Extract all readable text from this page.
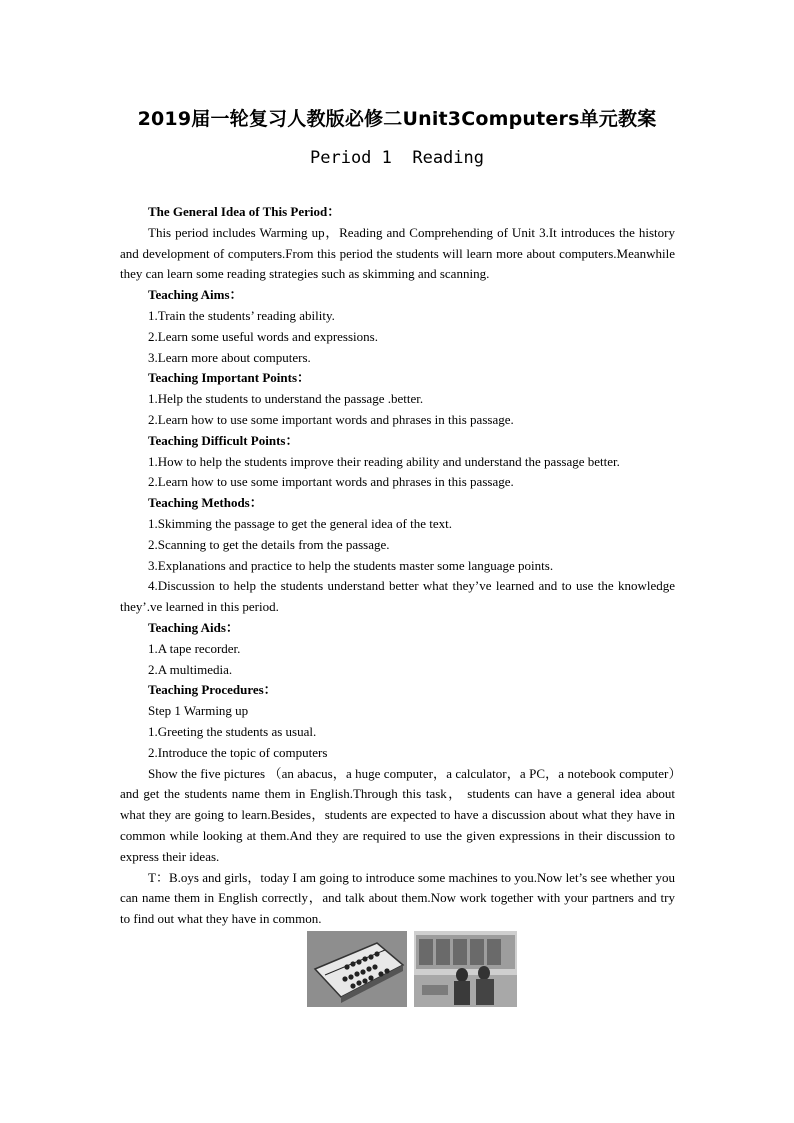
2019届一轮复习人教版必修二Unit3Computers单元教案
Period 1  Reading

The General Idea of This Period：

This period includes Warming up，Reading and Comprehending of Unit 3.It introduces the history and development of computers.From this period the students will learn more about computers.Meanwhile they can learn some reading strategies such as skimming and scanning.

Teaching Aims：

1.Train the students’ reading ability.

2.Learn some useful words and expressions.

3.Learn more about computers.

Teaching Important Points：

1.Help the students to understand the passage .better.

2.Learn how to use some important words and phrases in this passage.

Teaching Difficult Points：

1.How to help the students improve their reading ability and understand the passage better.

2.Learn how to use some important words and phrases in this passage.

Teaching Methods：

1.Skimming the passage to get the general idea of the text.

2.Scanning to get the details from the passage.

3.Explanations and practice to help the students master some language points.

4.Discussion to help the students understand better what they’ve learned and to use the knowledge they’.ve learned in this period.

Teaching Aids：

1.A tape recorder.

2.A multimedia.

Teaching Procedures：

Step 1 Warming up

1.Greeting the students as usual.

2.Introduce the topic of computers

Show the five pictures （an abacus，a huge computer，a calculator，a PC，a notebook computer）and get the students name them in English.Through this task， students can have a general idea about what they are going to learn.Besides，students are expected to have a discussion about what they have in common while looking at them.And they are required to use the given expressions in their discussion to express their ideas.

T：B.oys and girls，today I am going to introduce some machines to you.Now let’s see whether you can name them in English correctly，and talk about them.Now work together with your partners and try to find out what they have in common.
